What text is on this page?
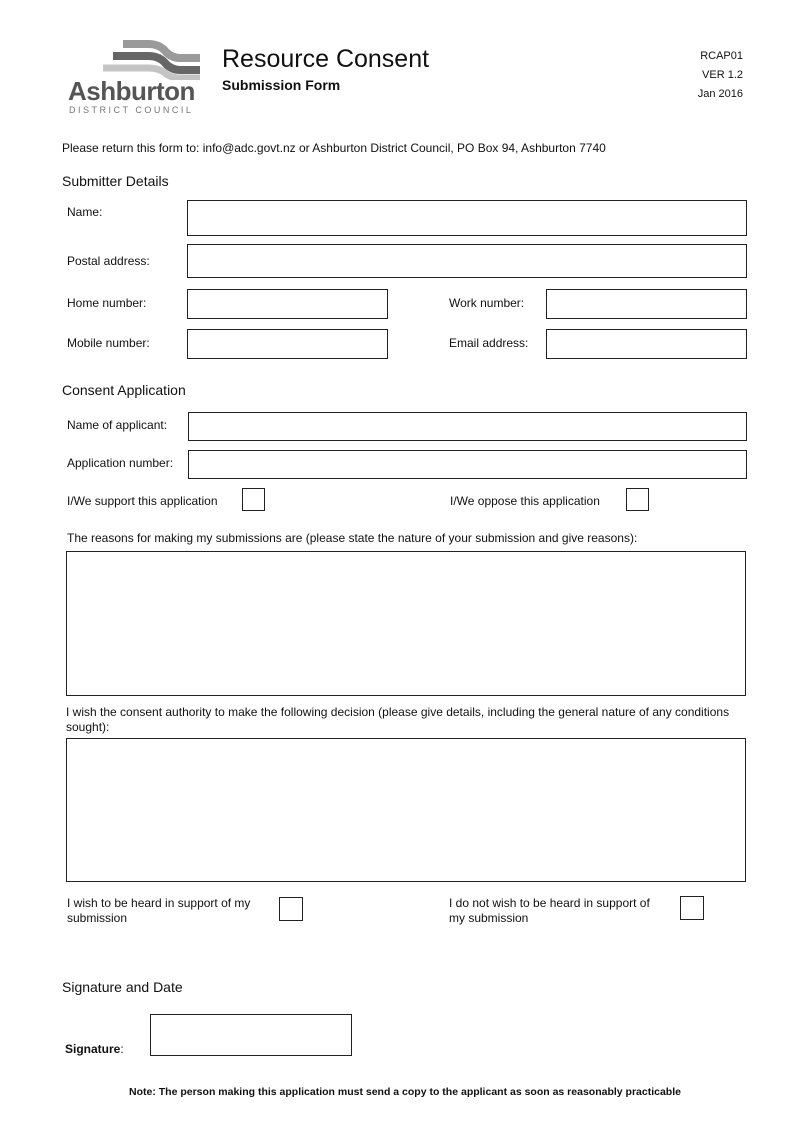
Ashburton
DISTRICT COUNCIL
Resource Consent
Submission Form
RCAP01
VER 1.2
Jan 2016
Please return this form to: info@adc.govt.nz or Ashburton District Council, PO Box 94, Ashburton 7740
Submitter Details
Name:
Postal address:
Home number:	Work number:
Mobile number:	Email address:
Consent Application
Name of applicant:
Application number:
I/We support this application	I/We oppose this application
The reasons for making my submissions are (please state the nature of your submission and give reasons):
I wish the consent authority to make the following decision (please give details, including the general nature of any conditions sought):
I wish to be heard in support of my submission
I do not wish to be heard in support of my submission
Signature and Date
Signature:
Note: The person making this application must send a copy to the applicant as soon as reasonably practicable
